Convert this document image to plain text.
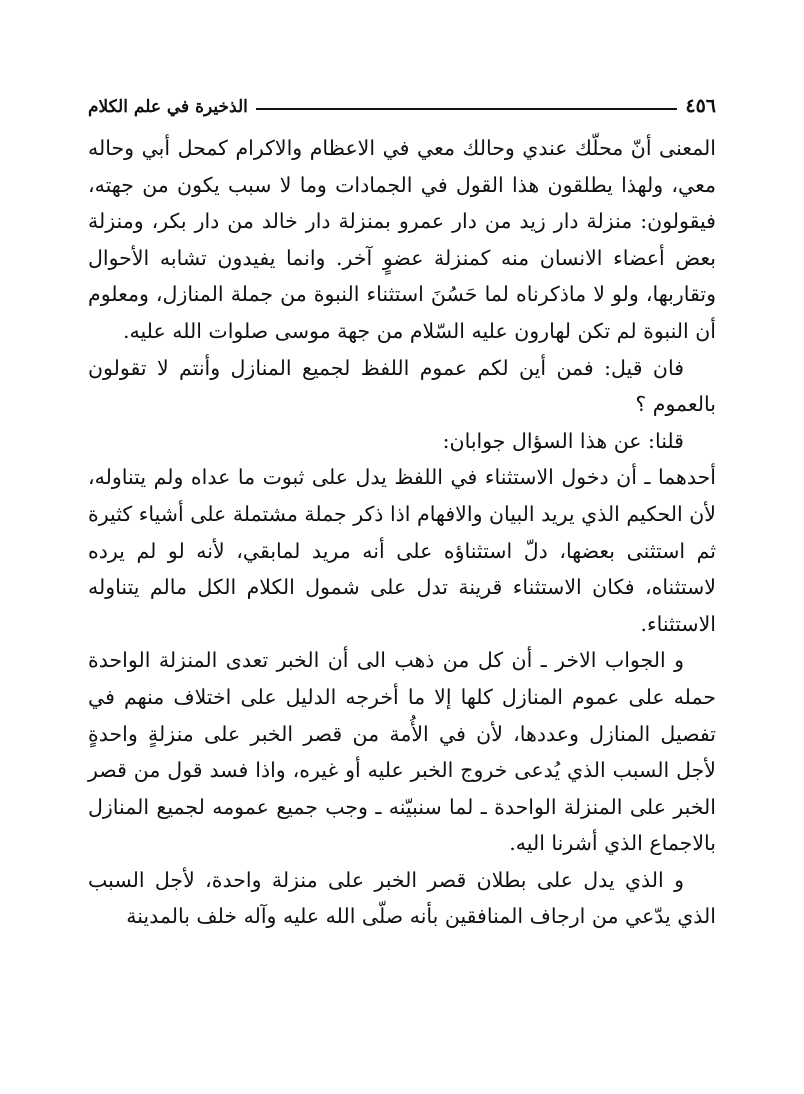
٤٥٦
الذخيرة في علم الكلام

المعنى أنّ محلّك عندي وحالك معي في الاعظام والاكرام كمحل أبي وحاله معي، ولهذا يطلقون هذا القول في الجمادات وما لا سبب يكون من جهته، فيقولون: منزلة دار زيد من دار عمرو بمنزلة دار خالد من دار بكر، ومنزلة بعض أعضاء الانسان منه كمنزلة عضوٍ آخر. وانما يفيدون تشابه الأحوال وتقاربها، ولو لا ماذكرناه لما حَسُنَ استثناء النبوة من جملة المنازل، ومعلوم أن النبوة لم تكن لهارون عليه السّلام من جهة موسى صلوات الله عليه.

فان قيل: فمن أين لكم عموم اللفظ لجميع المنازل وأنتم لا تقولون بالعموم ؟

قلنا: عن هذا السؤال جوابان:

أحدهما ـ أن دخول الاستثناء في اللفظ يدل على ثبوت ما عداه ولم يتناوله، لأن الحكيم الذي يريد البيان والافهام اذا ذكر جملة مشتملة على أشياء كثيرة ثم استثنى بعضها، دلّ استثناؤه على أنه مريد لمابقي، لأنه لو لم يرده لاستثناه، فكان الاستثناء قرينة تدل على شمول الكلام الكل مالم يتناوله الاستثناء.

و الجواب الاخر ـ أن كل من ذهب الى أن الخبر تعدى المنزلة الواحدة حمله على عموم المنازل كلها إلا ما أخرجه الدليل على اختلاف منهم في تفصيل المنازل وعددها، لأن في الأُمة من قصر الخبر على منزلةٍ واحدةٍ لأجل السبب الذي يُدعى خروج الخبر عليه أو غيره، واذا فسد قول من قصر الخبر على المنزلة الواحدة ـ لما سنبيّنه ـ وجب جميع عمومه لجميع المنازل بالاجماع الذي أشرنا اليه.

و الذي يدل على بطلان قصر الخبر على منزلة واحدة، لأجل السبب الذي يدّعي من ارجاف المنافقين بأنه صلّى الله عليه وآله خلف بالمدينة
